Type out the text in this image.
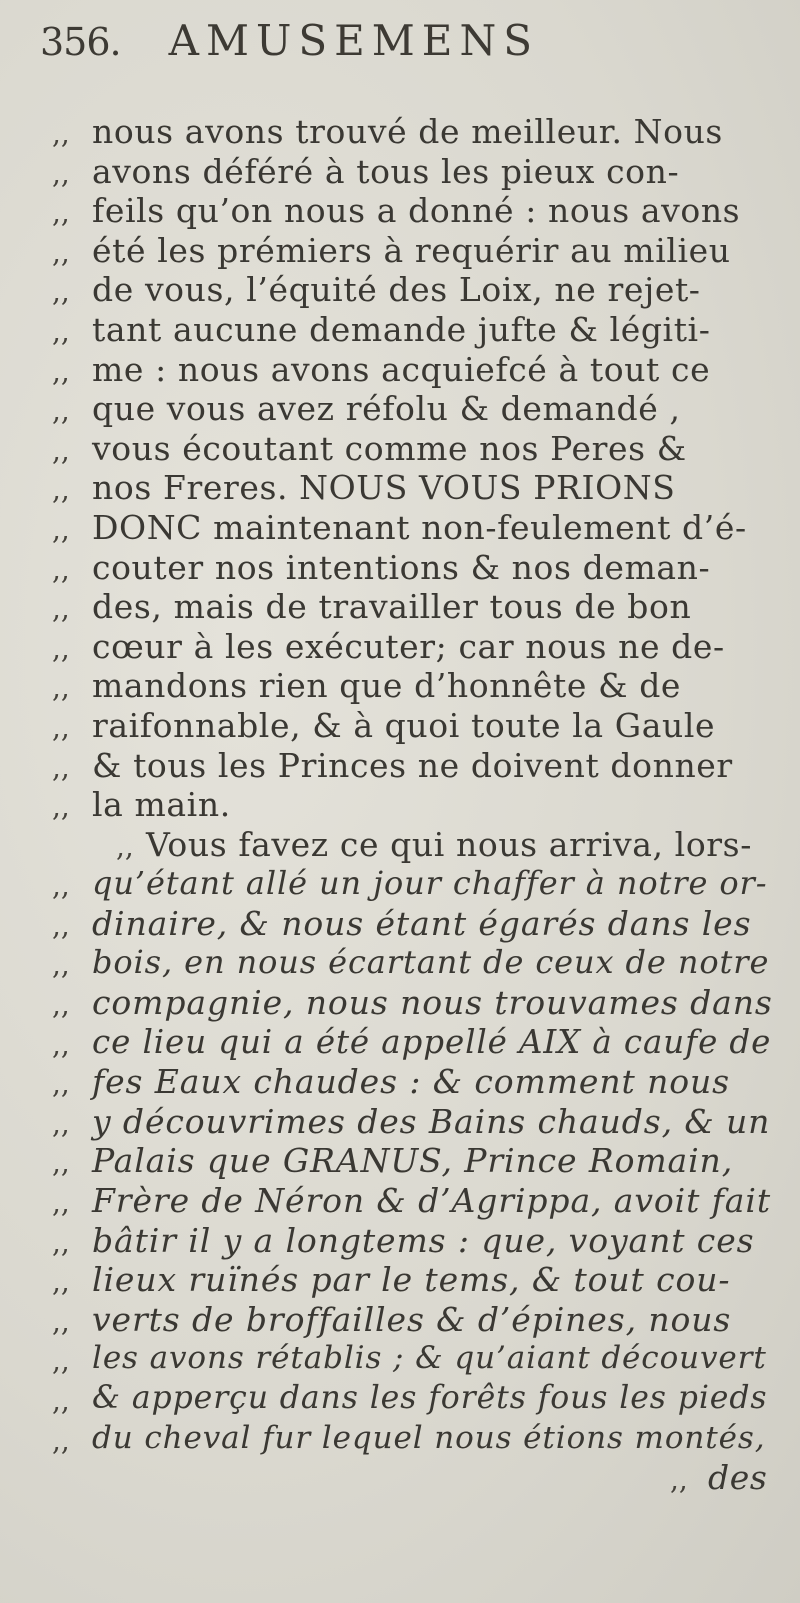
356. AMUSEMENS
,, nous avons trouvé de meilleur. Nous
,, avons déféré à tous les pieux con-
,, feils qu’on nous a donné : nous avons
,, été les prémiers à requérir au milieu
,, de vous, l’équité des Loix, ne rejet-
,, tant aucune demande jufte & légiti-
,, me : nous avons acquiefcé à tout ce
,, que vous avez réfolu & demandé ,
,, vous écoutant comme nos Peres &
,, nos Freres. NOUS VOUS PRIONS
,, DONC maintenant non-feulement d’é-
,, couter nos intentions & nos deman-
,, des, mais de travailler tous de bon
,, cœur à les exécuter; car nous ne de-
,, mandons rien que d’honnête & de
,, raifonnable, & à quoi toute la Gaule
,, & tous les Princes ne doivent donner
,, la main.
,, Vous favez ce qui nous arriva, lors-
,, qu’étant allé un jour chaffer à notre or-
,, dinaire, & nous étant égarés dans les
,, bois, en nous écartant de ceux de notre
,, compagnie, nous nous trouvames dans
,, ce lieu qui a été appellé AIX à caufe de
,, fes Eaux chaudes : & comment nous
,, y découvrimes des Bains chauds, & un
,, Palais que GRANUS, Prince Romain,
,, Frère de Néron & d’Agrippa, avoit fait
,, bâtir il y a longtems : que, voyant ces
,, lieux ruïnés par le tems, & tout cou-
,, verts de broffailles & d’épines, nous
,, les avons rétablis ; & qu’aiant découvert
,, & apperçu dans les forêts fous les pieds
,, du cheval fur lequel nous étions montés,
,, des
